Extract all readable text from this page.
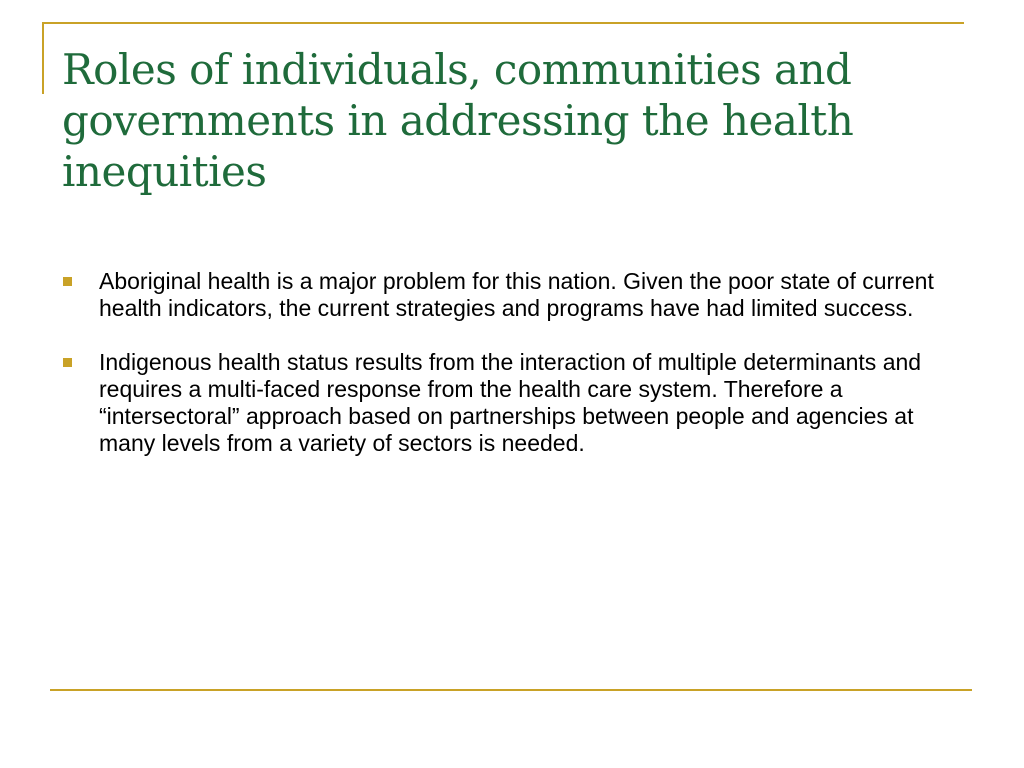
Roles of individuals, communities and governments in addressing the health inequities
Aboriginal health is a major problem for this nation. Given the poor state of current health indicators, the current strategies and programs have had limited success.
Indigenous health status results from the interaction of multiple determinants and requires a multi-faced response from the health care system. Therefore a “intersectoral” approach based on partnerships between people and agencies at many levels from a variety of sectors is needed.
